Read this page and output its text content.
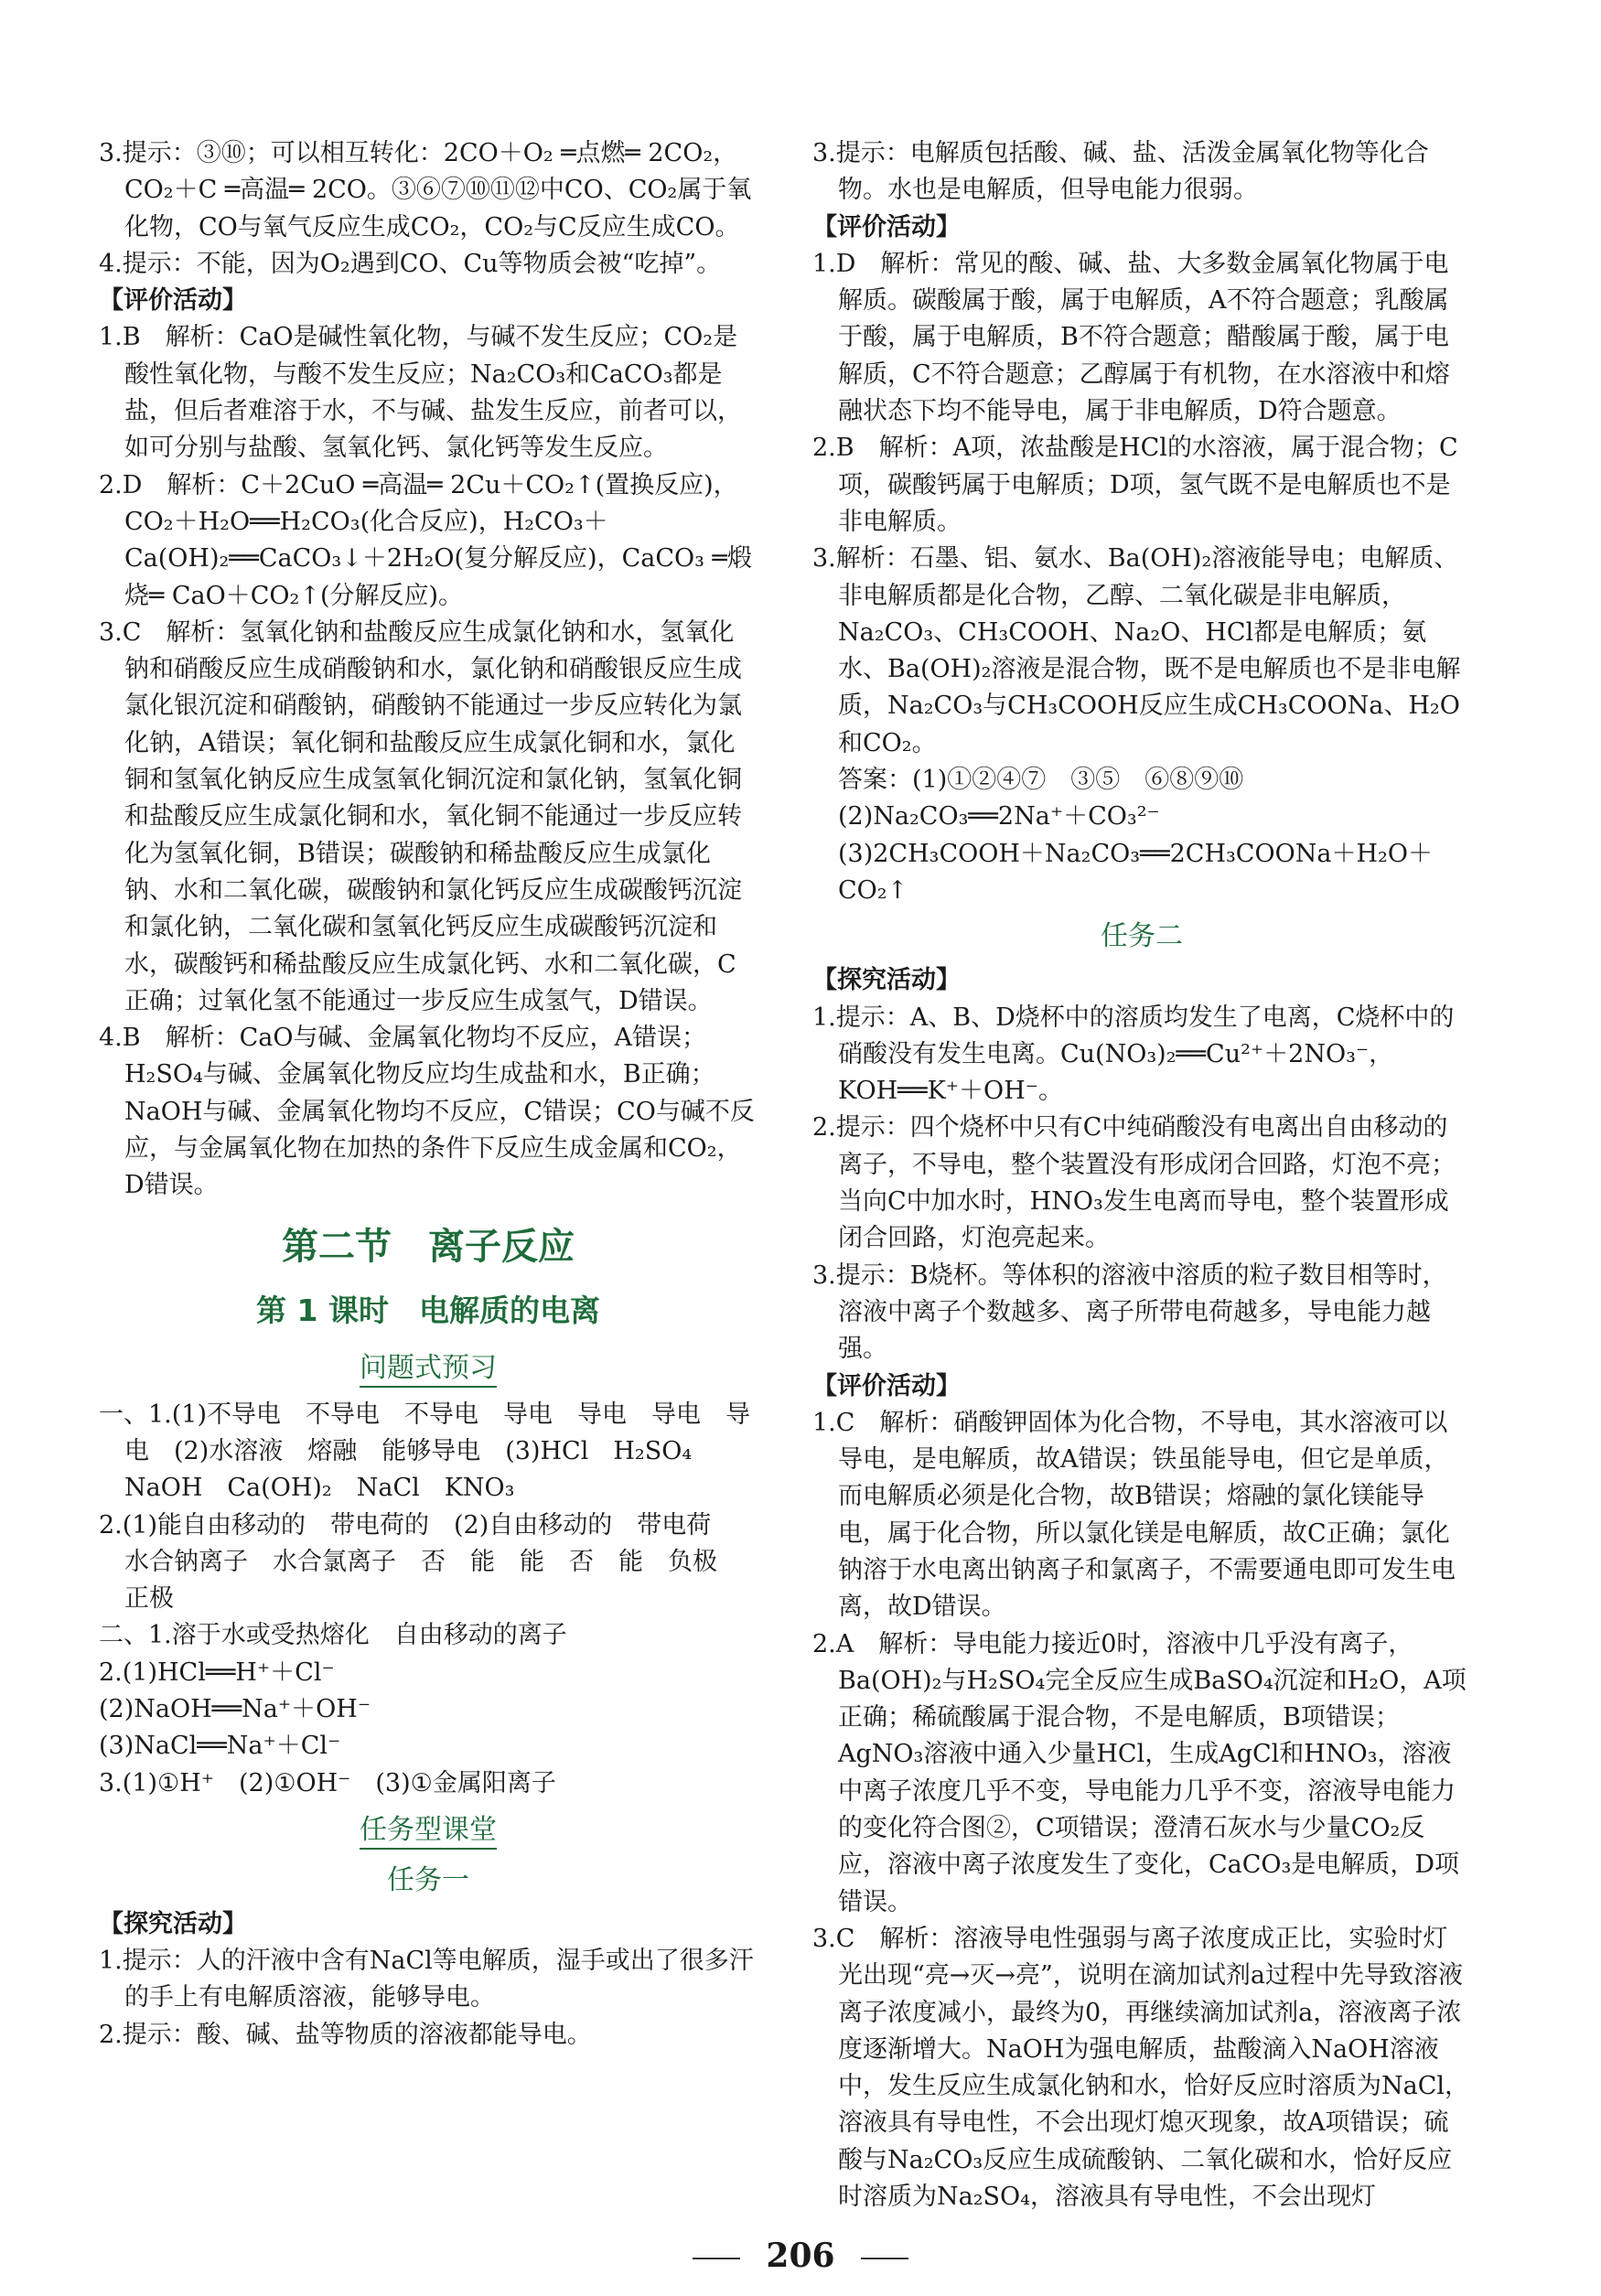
3.提示：③⑩；可以相互转化：2CO＋O₂ ═点燃═ 2CO₂，CO₂＋C ═高温═ 2CO。③⑥⑦⑩⑪⑫中CO、CO₂属于氧化物，CO与氧气反应生成CO₂，CO₂与C反应生成CO。
4.提示：不能，因为O₂遇到CO、Cu等物质会被“吃掉”。
【评价活动】
1.B　解析：CaO是碱性氧化物，与碱不发生反应；CO₂是酸性氧化物，与酸不发生反应；Na₂CO₃和CaCO₃都是盐，但后者难溶于水，不与碱、盐发生反应，前者可以，如可分别与盐酸、氢氧化钙、氯化钙等发生反应。
2.D　解析：C＋2CuO ═高温═ 2Cu＋CO₂↑(置换反应)，CO₂＋H₂O══H₂CO₃(化合反应)，H₂CO₃＋Ca(OH)₂══CaCO₃↓＋2H₂O(复分解反应)，CaCO₃ ═煅烧═ CaO＋CO₂↑(分解反应)。
3.C　解析：氢氧化钠和盐酸反应生成氯化钠和水，氢氧化钠和硝酸反应生成硝酸钠和水，氯化钠和硝酸银反应生成氯化银沉淀和硝酸钠，硝酸钠不能通过一步反应转化为氯化钠，A错误；氧化铜和盐酸反应生成氯化铜和水，氯化铜和氢氧化钠反应生成氢氧化铜沉淀和氯化钠，氢氧化铜和盐酸反应生成氯化铜和水，氧化铜不能通过一步反应转化为氢氧化铜，B错误；碳酸钠和稀盐酸反应生成氯化钠、水和二氧化碳，碳酸钠和氯化钙反应生成碳酸钙沉淀和氯化钠，二氧化碳和氢氧化钙反应生成碳酸钙沉淀和水，碳酸钙和稀盐酸反应生成氯化钙、水和二氧化碳，C正确；过氧化氢不能通过一步反应生成氢气，D错误。
4.B　解析：CaO与碱、金属氧化物均不反应，A错误；H₂SO₄与碱、金属氧化物反应均生成盐和水，B正确；NaOH与碱、金属氧化物均不反应，C错误；CO与碱不反应，与金属氧化物在加热的条件下反应生成金属和CO₂，D错误。
第二节　离子反应
第 1 课时　电解质的电离
问题式预习
一、1.(1)不导电　不导电　不导电　导电　导电　导电　导电　(2)水溶液　熔融　能够导电　(3)HCl　H₂SO₄　NaOH　Ca(OH)₂　NaCl　KNO₃
2.(1)能自由移动的　带电荷的　(2)自由移动的　带电荷　水合钠离子　水合氯离子　否　能　能　否　能　负极　正极
二、1.溶于水或受热熔化　自由移动的离子
2.(1)HCl══H⁺＋Cl⁻
(2)NaOH══Na⁺＋OH⁻
(3)NaCl══Na⁺＋Cl⁻
3.(1)①H⁺　(2)①OH⁻　(3)①金属阳离子
任务型课堂
任务一
【探究活动】
1.提示：人的汗液中含有NaCl等电解质，湿手或出了很多汗的手上有电解质溶液，能够导电。
2.提示：酸、碱、盐等物质的溶液都能导电。
3.提示：电解质包括酸、碱、盐、活泼金属氧化物等化合物。水也是电解质，但导电能力很弱。
【评价活动】
1.D　解析：常见的酸、碱、盐、大多数金属氧化物属于电解质。碳酸属于酸，属于电解质，A不符合题意；乳酸属于酸，属于电解质，B不符合题意；醋酸属于酸，属于电解质，C不符合题意；乙醇属于有机物，在水溶液中和熔融状态下均不能导电，属于非电解质，D符合题意。
2.B　解析：A项，浓盐酸是HCl的水溶液，属于混合物；C项，碳酸钙属于电解质；D项，氢气既不是电解质也不是非电解质。
3.解析：石墨、铝、氨水、Ba(OH)₂溶液能导电；电解质、非电解质都是化合物，乙醇、二氧化碳是非电解质，Na₂CO₃、CH₃COOH、Na₂O、HCl都是电解质；氨水、Ba(OH)₂溶液是混合物，既不是电解质也不是非电解质，Na₂CO₃与CH₃COOH反应生成CH₃COONa、H₂O和CO₂。
答案：(1)①②④⑦　③⑤　⑥⑧⑨⑩
(2)Na₂CO₃══2Na⁺＋CO₃²⁻
(3)2CH₃COOH＋Na₂CO₃══2CH₃COONa＋H₂O＋CO₂↑
任务二
【探究活动】
1.提示：A、B、D烧杯中的溶质均发生了电离，C烧杯中的硝酸没有发生电离。Cu(NO₃)₂══Cu²⁺＋2NO₃⁻，KOH══K⁺＋OH⁻。
2.提示：四个烧杯中只有C中纯硝酸没有电离出自由移动的离子，不导电，整个装置没有形成闭合回路，灯泡不亮；当向C中加水时，HNO₃发生电离而导电，整个装置形成闭合回路，灯泡亮起来。
3.提示：B烧杯。等体积的溶液中溶质的粒子数目相等时，溶液中离子个数越多、离子所带电荷越多，导电能力越强。
【评价活动】
1.C　解析：硝酸钾固体为化合物，不导电，其水溶液可以导电，是电解质，故A错误；铁虽能导电，但它是单质，而电解质必须是化合物，故B错误；熔融的氯化镁能导电，属于化合物，所以氯化镁是电解质，故C正确；氯化钠溶于水电离出钠离子和氯离子，不需要通电即可发生电离，故D错误。
2.A　解析：导电能力接近0时，溶液中几乎没有离子，Ba(OH)₂与H₂SO₄完全反应生成BaSO₄沉淀和H₂O，A项正确；稀硫酸属于混合物，不是电解质，B项错误；AgNO₃溶液中通入少量HCl，生成AgCl和HNO₃，溶液中离子浓度几乎不变，导电能力几乎不变，溶液导电能力的变化符合图②，C项错误；澄清石灰水与少量CO₂反应，溶液中离子浓度发生了变化，CaCO₃是电解质，D项错误。
3.C　解析：溶液导电性强弱与离子浓度成正比，实验时灯光出现“亮→灭→亮”，说明在滴加试剂a过程中先导致溶液离子浓度减小，最终为0，再继续滴加试剂a，溶液离子浓度逐渐增大。NaOH为强电解质，盐酸滴入NaOH溶液中，发生反应生成氯化钠和水，恰好反应时溶质为NaCl，溶液具有导电性，不会出现灯熄灭现象，故A项错误；硫酸与Na₂CO₃反应生成硫酸钠、二氧化碳和水，恰好反应时溶质为Na₂SO₄，溶液具有导电性，不会出现灯
206
